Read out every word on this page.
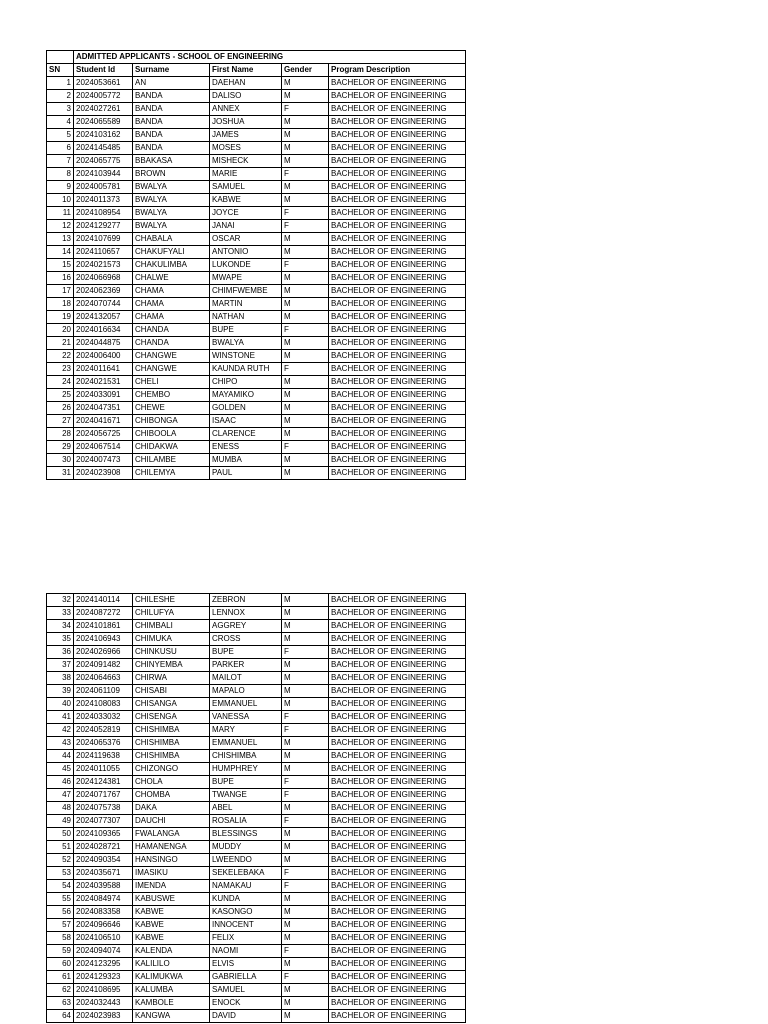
	ADMITTED APPLICANTS - SCHOOL OF ENGINEERING				
SN	Student Id	Surname	First Name	Gender	Program Description
1	2024053661	AN	DAEHAN	M	BACHELOR OF ENGINEERING
2	2024005772	BANDA	DALISO	M	BACHELOR OF ENGINEERING
3	2024027261	BANDA	ANNEX	F	BACHELOR OF ENGINEERING
4	2024065589	BANDA	JOSHUA	M	BACHELOR OF ENGINEERING
5	2024103162	BANDA	JAMES	M	BACHELOR OF ENGINEERING
6	2024145485	BANDA	MOSES	M	BACHELOR OF ENGINEERING
7	2024065775	BBAKASA	MISHECK	M	BACHELOR OF ENGINEERING
8	2024103944	BROWN	MARIE	F	BACHELOR OF ENGINEERING
9	2024005781	BWALYA	SAMUEL	M	BACHELOR OF ENGINEERING
10	2024011373	BWALYA	KABWE	M	BACHELOR OF ENGINEERING
11	2024108954	BWALYA	JOYCE	F	BACHELOR OF ENGINEERING
12	2024129277	BWALYA	JANAI	F	BACHELOR OF ENGINEERING
13	2024107699	CHABALA	OSCAR	M	BACHELOR OF ENGINEERING
14	2024110657	CHAKUFYALI	ANTONIO	M	BACHELOR OF ENGINEERING
15	2024021573	CHAKULIMBA	LUKONDE	F	BACHELOR OF ENGINEERING
16	2024066968	CHALWE	MWAPE	M	BACHELOR OF ENGINEERING
17	2024062369	CHAMA	CHIMFWEMBE	M	BACHELOR OF ENGINEERING
18	2024070744	CHAMA	MARTIN	M	BACHELOR OF ENGINEERING
19	2024132057	CHAMA	NATHAN	M	BACHELOR OF ENGINEERING
20	2024016634	CHANDA	BUPE	F	BACHELOR OF ENGINEERING
21	2024044875	CHANDA	BWALYA	M	BACHELOR OF ENGINEERING
22	2024006400	CHANGWE	WINSTONE	M	BACHELOR OF ENGINEERING
23	2024011641	CHANGWE	KAUNDA RUTH	F	BACHELOR OF ENGINEERING
24	2024021531	CHELI	CHIPO	M	BACHELOR OF ENGINEERING
25	2024033091	CHEMBO	MAYAMIKO	M	BACHELOR OF ENGINEERING
26	2024047351	CHEWE	GOLDEN	M	BACHELOR OF ENGINEERING
27	2024041671	CHIBONGA	ISAAC	M	BACHELOR OF ENGINEERING
28	2024056725	CHIBOOLA	CLARENCE	M	BACHELOR OF ENGINEERING
29	2024067514	CHIDAKWA	ENESS	F	BACHELOR OF ENGINEERING
30	2024007473	CHILAMBE	MUMBA	M	BACHELOR OF ENGINEERING
31	2024023908	CHILEMYA	PAUL	M	BACHELOR OF ENGINEERING
32	2024140114	CHILESHE	ZEBRON	M	BACHELOR OF ENGINEERING
33	2024087272	CHILUFYA	LENNOX	M	BACHELOR OF ENGINEERING
34	2024101861	CHIMBALI	AGGREY	M	BACHELOR OF ENGINEERING
35	2024106943	CHIMUKA	CROSS	M	BACHELOR OF ENGINEERING
36	2024026966	CHINKUSU	BUPE	F	BACHELOR OF ENGINEERING
37	2024091482	CHINYEMBA	PARKER	M	BACHELOR OF ENGINEERING
38	2024064663	CHIRWA	MAILOT	M	BACHELOR OF ENGINEERING
39	2024061109	CHISABI	MAPALO	M	BACHELOR OF ENGINEERING
40	2024108083	CHISANGA	EMMANUEL	M	BACHELOR OF ENGINEERING
41	2024033032	CHISENGA	VANESSA	F	BACHELOR OF ENGINEERING
42	2024052819	CHISHIMBA	MARY	F	BACHELOR OF ENGINEERING
43	2024065376	CHISHIMBA	EMMANUEL	M	BACHELOR OF ENGINEERING
44	2024119638	CHISHIMBA	CHISHIMBA	M	BACHELOR OF ENGINEERING
45	2024011055	CHIZONGO	HUMPHREY	M	BACHELOR OF ENGINEERING
46	2024124381	CHOLA	BUPE	F	BACHELOR OF ENGINEERING
47	2024071767	CHOMBA	TWANGE	F	BACHELOR OF ENGINEERING
48	2024075738	DAKA	ABEL	M	BACHELOR OF ENGINEERING
49	2024077307	DAUCHI	ROSALIA	F	BACHELOR OF ENGINEERING
50	2024109365	FWALANGA	BLESSINGS	M	BACHELOR OF ENGINEERING
51	2024028721	HAMANENGA	MUDDY	M	BACHELOR OF ENGINEERING
52	2024090354	HANSINGO	LWEENDO	M	BACHELOR OF ENGINEERING
53	2024035671	IMASIKU	SEKELEBAKA	F	BACHELOR OF ENGINEERING
54	2024039588	IMENDA	NAMAKAU	F	BACHELOR OF ENGINEERING
55	2024084974	KABUSWE	KUNDA	M	BACHELOR OF ENGINEERING
56	2024083358	KABWE	KASONGO	M	BACHELOR OF ENGINEERING
57	2024096646	KABWE	INNOCENT	M	BACHELOR OF ENGINEERING
58	2024106510	KABWE	FELIX	M	BACHELOR OF ENGINEERING
59	2024094074	KALENDA	NAOMI	F	BACHELOR OF ENGINEERING
60	2024123295	KALILILO	ELVIS	M	BACHELOR OF ENGINEERING
61	2024129323	KALIMUKWA	GABRIELLA	F	BACHELOR OF ENGINEERING
62	2024108695	KALUMBA	SAMUEL	M	BACHELOR OF ENGINEERING
63	2024032443	KAMBOLE	ENOCK	M	BACHELOR OF ENGINEERING
64	2024023983	KANGWA	DAVID	M	BACHELOR OF ENGINEERING
